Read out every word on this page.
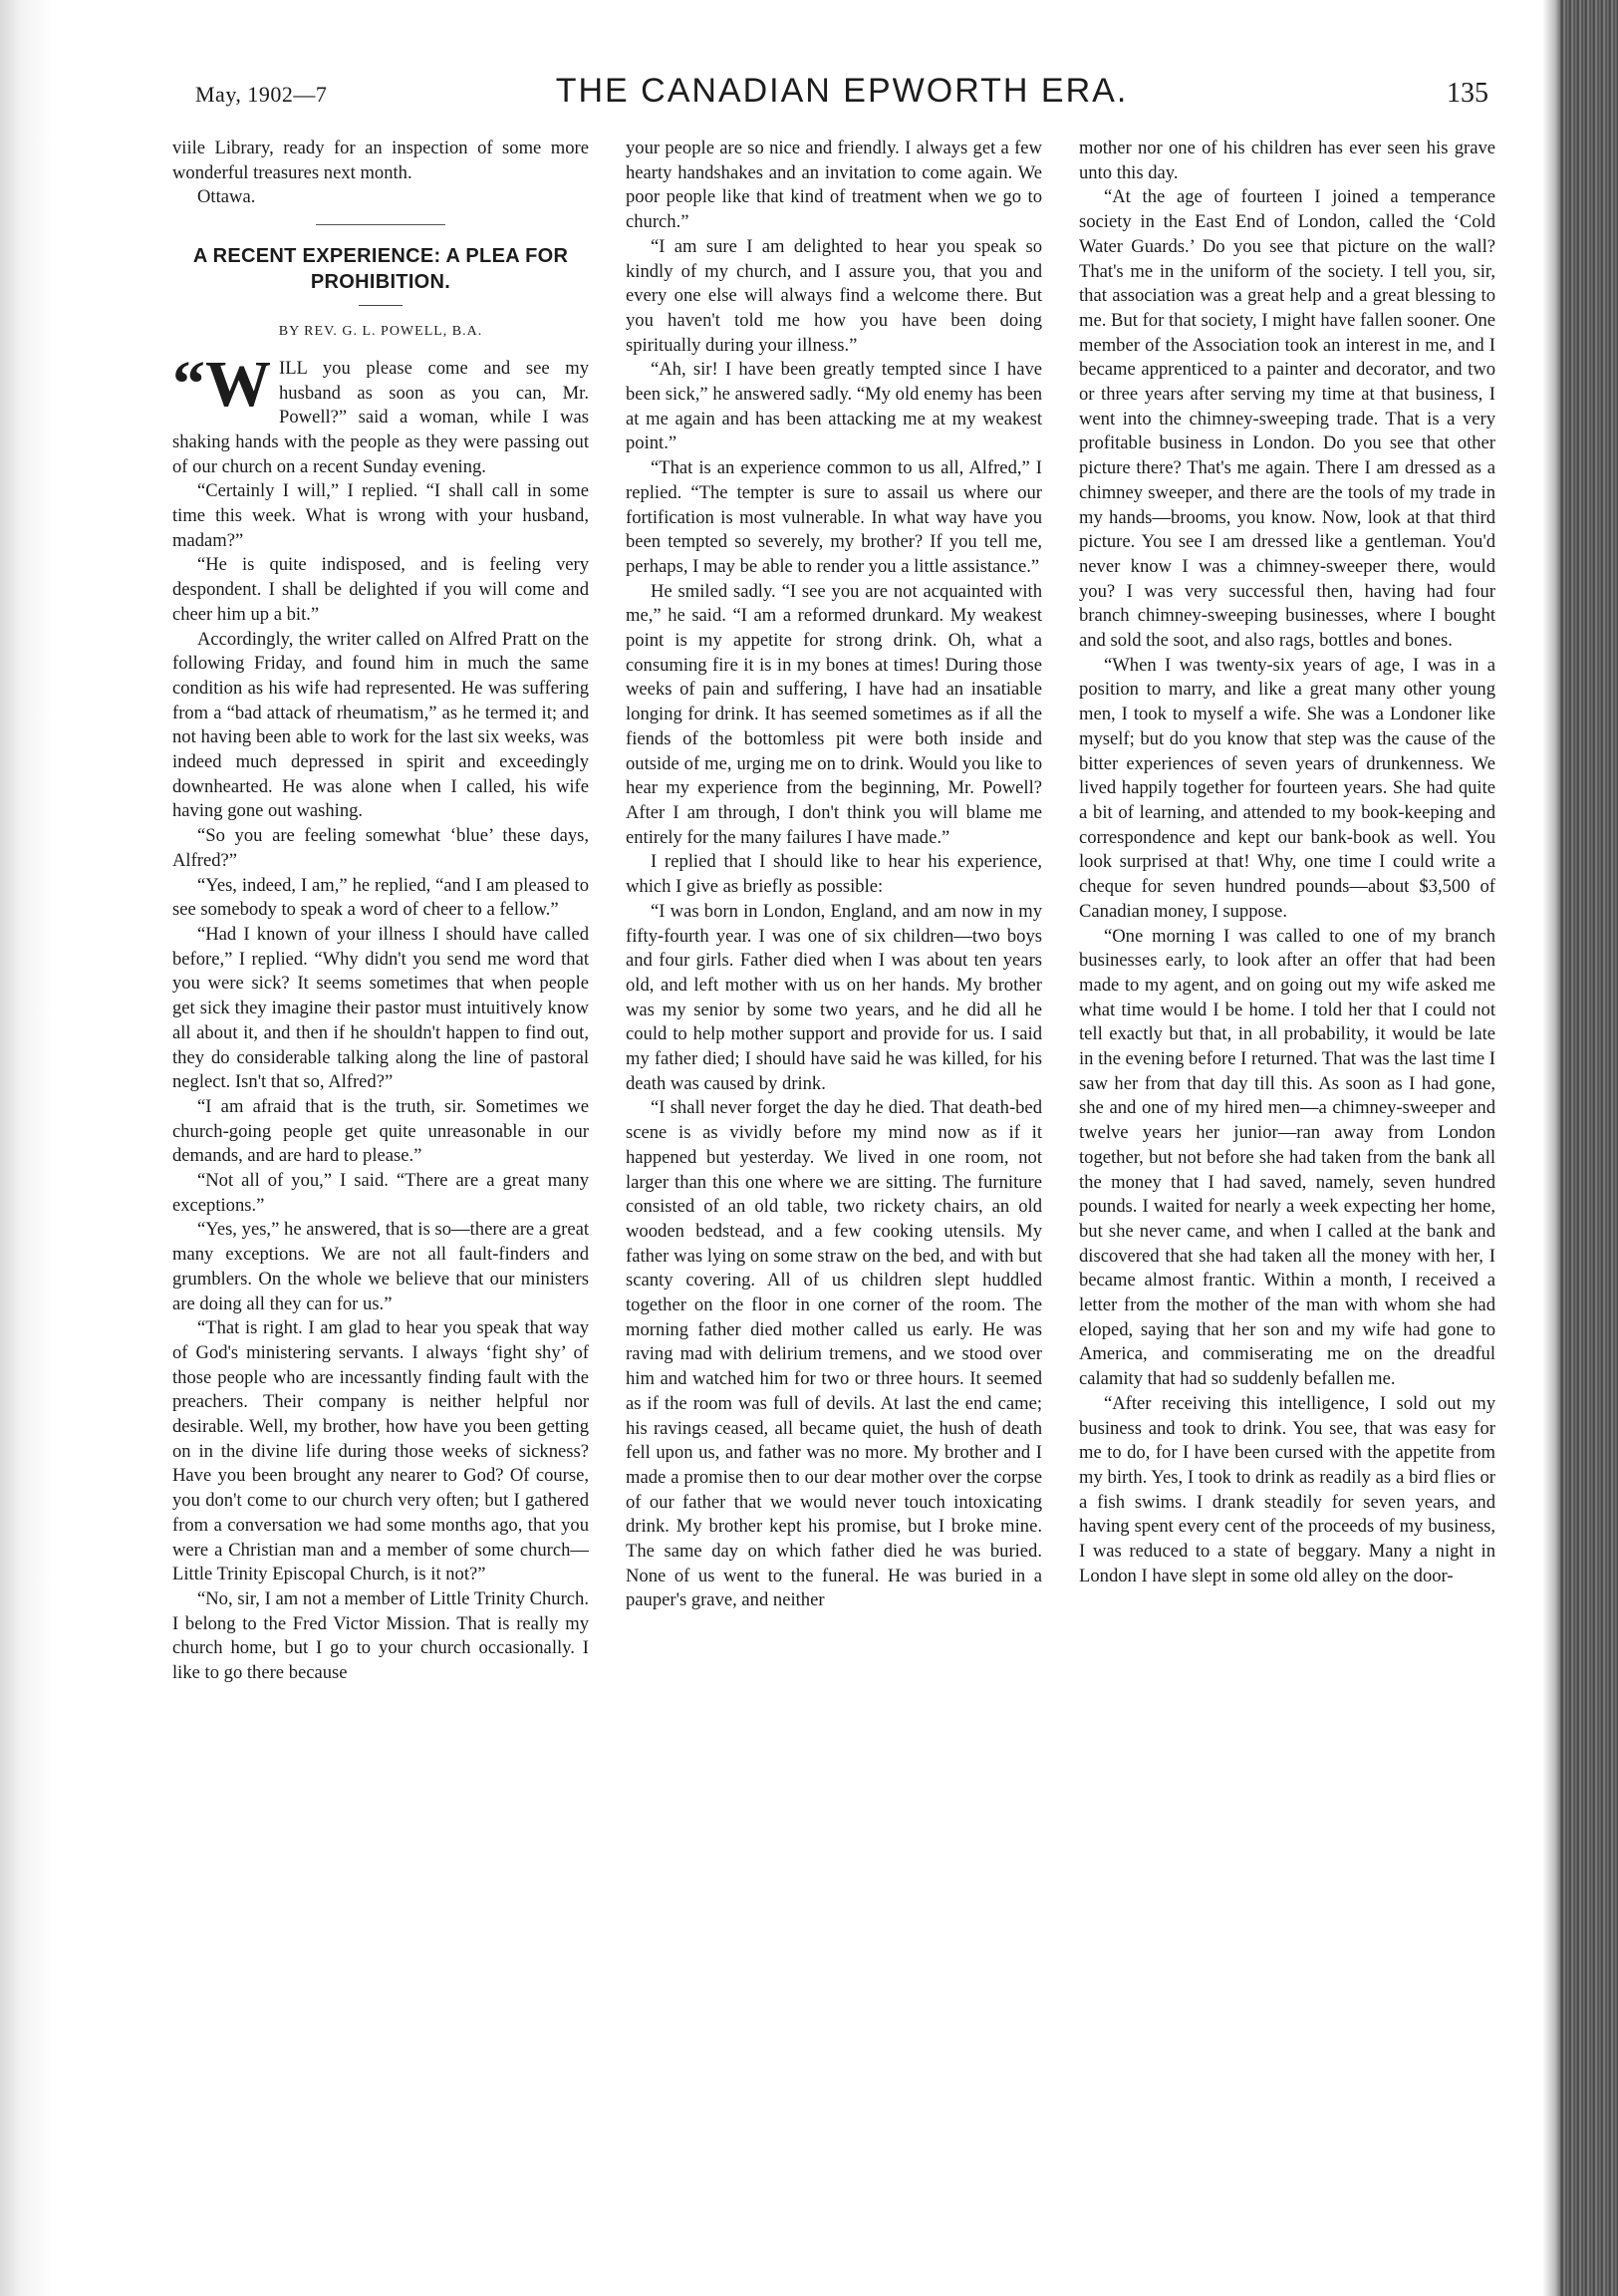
May, 1902—7	THE CANADIAN EPWORTH ERA.	135

viile Library, ready for an inspection of some more wonderful treasures next month.

Ottawa.

A RECENT EXPERIENCE: A PLEA FOR PROHIBITION.
BY REV. G. L. POWELL, B.A.
“W ILL you please come and see my husband as soon as you can, Mr. Powell?” said a woman, while I was shaking hands with the people as they were passing out of our church on a recent Sunday evening.

“Certainly I will,” I replied. “I shall call in some time this week. What is wrong with your husband, madam?”

“He is quite indisposed, and is feeling very despondent. I shall be delighted if you will come and cheer him up a bit.”

Accordingly, the writer called on Alfred Pratt on the following Friday, and found him in much the same condition as his wife had represented. He was suffering from a “bad attack of rheumatism,” as he termed it; and not having been able to work for the last six weeks, was indeed much depressed in spirit and exceedingly downhearted. He was alone when I called, his wife having gone out washing.

“So you are feeling somewhat ‘blue’ these days, Alfred?”

“Yes, indeed, I am,” he replied, “and I am pleased to see somebody to speak a word of cheer to a fellow.”

“Had I known of your illness I should have called before,” I replied. “Why didn't you send me word that you were sick? It seems sometimes that when people get sick they imagine their pastor must intuitively know all about it, and then if he shouldn't happen to find out, they do considerable talking along the line of pastoral neglect. Isn't that so, Alfred?”

“I am afraid that is the truth, sir. Sometimes we church-going people get quite unreasonable in our demands, and are hard to please.”

“Not all of you,” I said. “There are a great many exceptions.”

“Yes, yes,” he answered, that is so—there are a great many exceptions. We are not all fault-finders and grumblers. On the whole we believe that our ministers are doing all they can for us.”

“That is right. I am glad to hear you speak that way of God's ministering servants. I always ‘fight shy’ of those people who are incessantly finding fault with the preachers. Their company is neither helpful nor desirable. Well, my brother, how have you been getting on in the divine life during those weeks of sickness? Have you been brought any nearer to God? Of course, you don't come to our church very often; but I gathered from a conversation we had some months ago, that you were a Christian man and a member of some church—Little Trinity Episcopal Church, is it not?”

“No, sir, I am not a member of Little Trinity Church. I belong to the Fred Victor Mission. That is really my church home, but I go to your church occasionally. I like to go there because

your people are so nice and friendly. I always get a few hearty handshakes and an invitation to come again. We poor people like that kind of treatment when we go to church.”

“I am sure I am delighted to hear you speak so kindly of my church, and I assure you, that you and every one else will always find a welcome there. But you haven't told me how you have been doing spiritually during your illness.”

“Ah, sir! I have been greatly tempted since I have been sick,” he answered sadly. “My old enemy has been at me again and has been attacking me at my weakest point.”

“That is an experience common to us all, Alfred,” I replied. “The tempter is sure to assail us where our fortification is most vulnerable. In what way have you been tempted so severely, my brother? If you tell me, perhaps, I may be able to render you a little assistance.”

He smiled sadly. “I see you are not acquainted with me,” he said. “I am a reformed drunkard. My weakest point is my appetite for strong drink. Oh, what a consuming fire it is in my bones at times! During those weeks of pain and suffering, I have had an insatiable longing for drink. It has seemed sometimes as if all the fiends of the bottomless pit were both inside and outside of me, urging me on to drink. Would you like to hear my experience from the beginning, Mr. Powell? After I am through, I don't think you will blame me entirely for the many failures I have made.”

I replied that I should like to hear his experience, which I give as briefly as possible:

“I was born in London, England, and am now in my fifty-fourth year. I was one of six children—two boys and four girls. Father died when I was about ten years old, and left mother with us on her hands. My brother was my senior by some two years, and he did all he could to help mother support and provide for us. I said my father died; I should have said he was killed, for his death was caused by drink.

“I shall never forget the day he died. That death-bed scene is as vividly before my mind now as if it happened but yesterday. We lived in one room, not larger than this one where we are sitting. The furniture consisted of an old table, two rickety chairs, an old wooden bedstead, and a few cooking utensils. My father was lying on some straw on the bed, and with but scanty covering. All of us children slept huddled together on the floor in one corner of the room. The morning father died mother called us early. He was raving mad with delirium tremens, and we stood over him and watched him for two or three hours. It seemed as if the room was full of devils. At last the end came; his ravings ceased, all became quiet, the hush of death fell upon us, and father was no more. My brother and I made a promise then to our dear mother over the corpse of our father that we would never touch intoxicating drink. My brother kept his promise, but I broke mine. The same day on which father died he was buried. None of us went to the funeral. He was buried in a pauper's grave, and neither

mother nor one of his children has ever seen his grave unto this day.

“At the age of fourteen I joined a temperance society in the East End of London, called the ‘Cold Water Guards.’ Do you see that picture on the wall? That's me in the uniform of the society. I tell you, sir, that association was a great help and a great blessing to me. But for that society, I might have fallen sooner. One member of the Association took an interest in me, and I became apprenticed to a painter and decorator, and two or three years after serving my time at that business, I went into the chimney-sweeping trade. That is a very profitable business in London. Do you see that other picture there? That's me again. There I am dressed as a chimney sweeper, and there are the tools of my trade in my hands—brooms, you know. Now, look at that third picture. You see I am dressed like a gentleman. You'd never know I was a chimney-sweeper there, would you? I was very successful then, having had four branch chimney-sweeping businesses, where I bought and sold the soot, and also rags, bottles and bones.

“When I was twenty-six years of age, I was in a position to marry, and like a great many other young men, I took to myself a wife. She was a Londoner like myself; but do you know that step was the cause of the bitter experiences of seven years of drunkenness. We lived happily together for fourteen years. She had quite a bit of learning, and attended to my book-keeping and correspondence and kept our bank-book as well. You look surprised at that! Why, one time I could write a cheque for seven hundred pounds—about $3,500 of Canadian money, I suppose.

“One morning I was called to one of my branch businesses early, to look after an offer that had been made to my agent, and on going out my wife asked me what time would I be home. I told her that I could not tell exactly but that, in all probability, it would be late in the evening before I returned. That was the last time I saw her from that day till this. As soon as I had gone, she and one of my hired men—a chimney-sweeper and twelve years her junior—ran away from London together, but not before she had taken from the bank all the money that I had saved, namely, seven hundred pounds. I waited for nearly a week expecting her home, but she never came, and when I called at the bank and discovered that she had taken all the money with her, I became almost frantic. Within a month, I received a letter from the mother of the man with whom she had eloped, saying that her son and my wife had gone to America, and commiserating me on the dreadful calamity that had so suddenly befallen me.

“After receiving this intelligence, I sold out my business and took to drink. You see, that was easy for me to do, for I have been cursed with the appetite from my birth. Yes, I took to drink as readily as a bird flies or a fish swims. I drank steadily for seven years, and having spent every cent of the proceeds of my business, I was reduced to a state of beggary. Many a night in London I have slept in some old alley on the door-
